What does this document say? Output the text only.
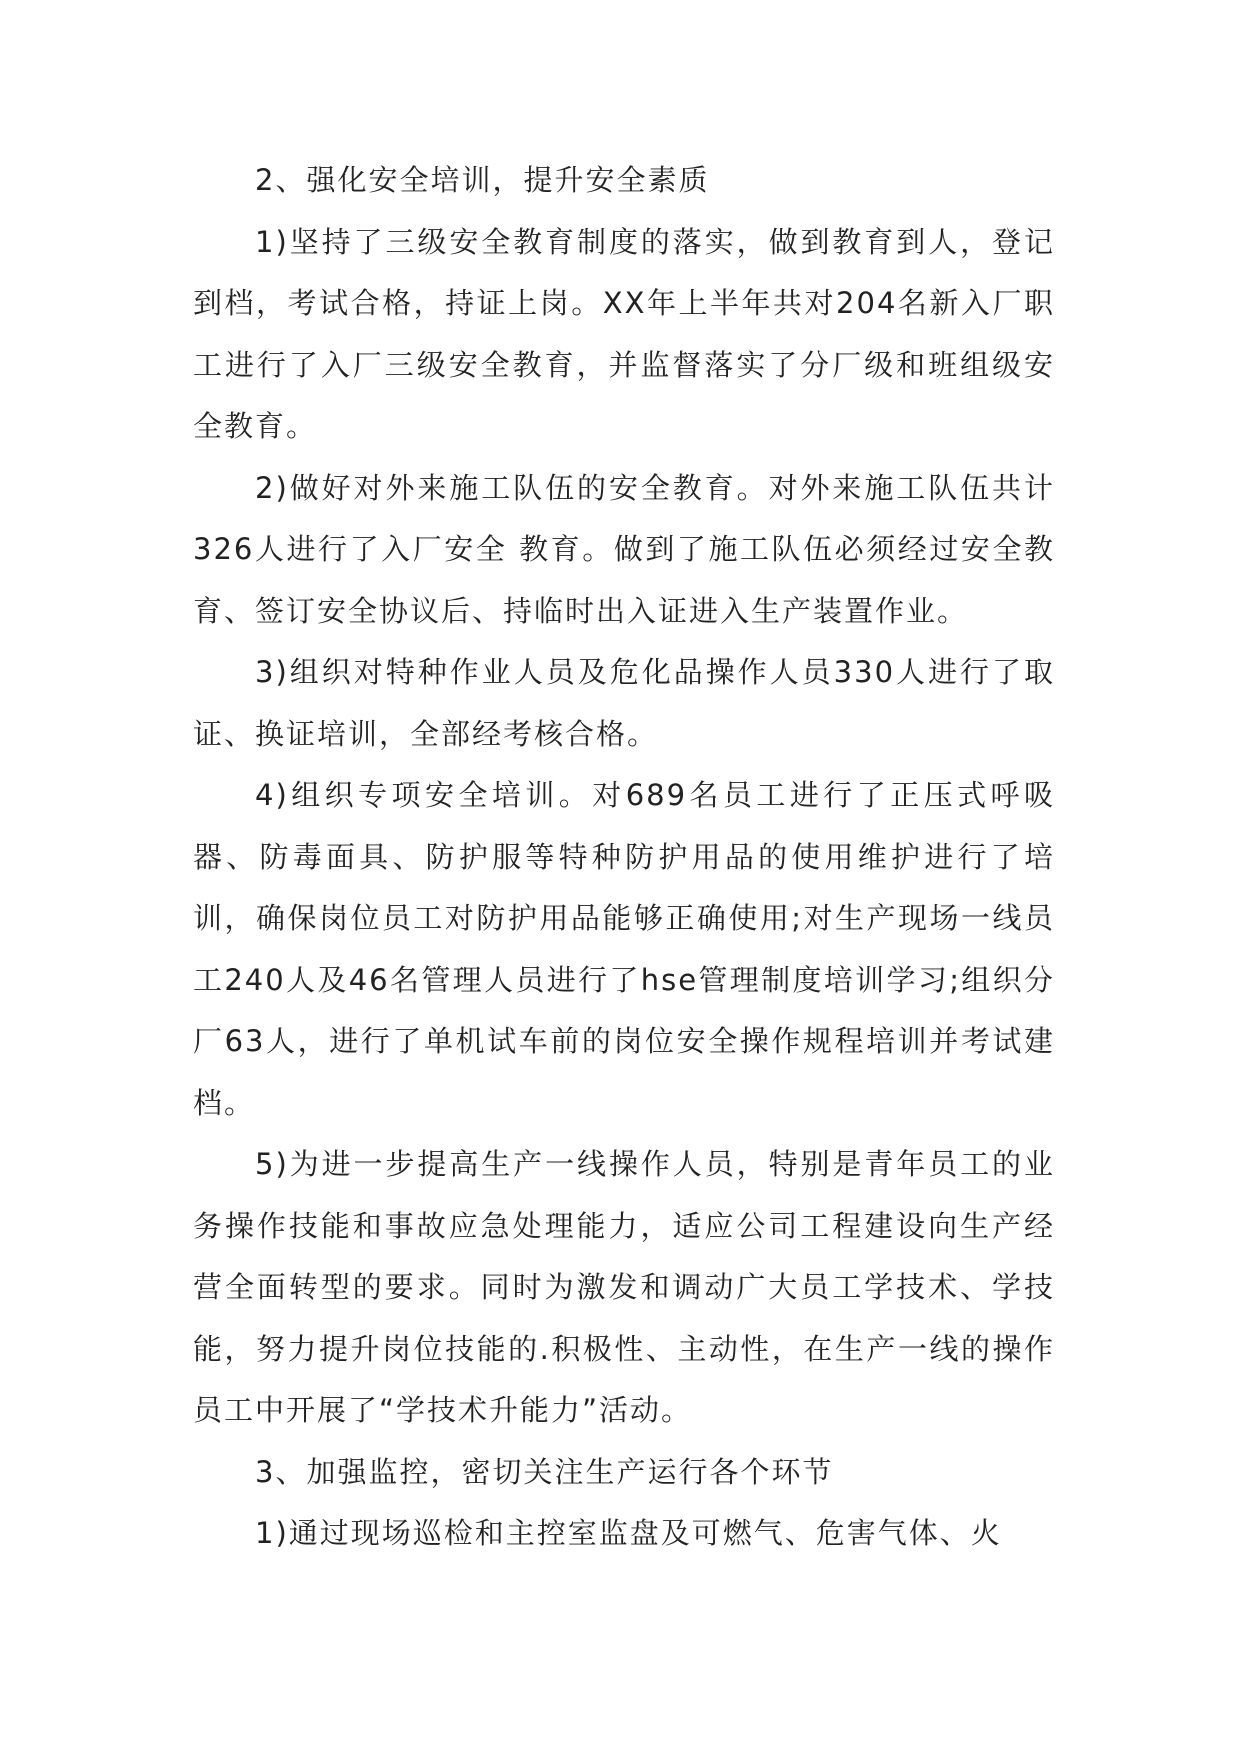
2、强化安全培训，提升安全素质

1)坚持了三级安全教育制度的落实，做到教育到人，登记到档，考试合格，持证上岗。XX年上半年共对204名新入厂职工进行了入厂三级安全教育，并监督落实了分厂级和班组级安全教育。

2)做好对外来施工队伍的安全教育。对外来施工队伍共计326人进行了入厂安全 教育。做到了施工队伍必须经过安全教育、签订安全协议后、持临时出入证进入生产装置作业。

3)组织对特种作业人员及危化品操作人员330人进行了取证、换证培训，全部经考核合格。

4)组织专项安全培训。对689名员工进行了正压式呼吸器、防毒面具、防护服等特种防护用品的使用维护进行了培训，确保岗位员工对防护用品能够正确使用;对生产现场一线员工240人及46名管理人员进行了hse管理制度培训学习;组织分厂63人，进行了单机试车前的岗位安全操作规程培训并考试建档。

5)为进一步提高生产一线操作人员，特别是青年员工的业务操作技能和事故应急处理能力，适应公司工程建设向生产经营全面转型的要求。同时为激发和调动广大员工学技术、学技能，努力提升岗位技能的.积极性、主动性，在生产一线的操作员工中开展了“学技术升能力”活动。

3、加强监控，密切关注生产运行各个环节

1)通过现场巡检和主控室监盘及可燃气、危害气体、火
